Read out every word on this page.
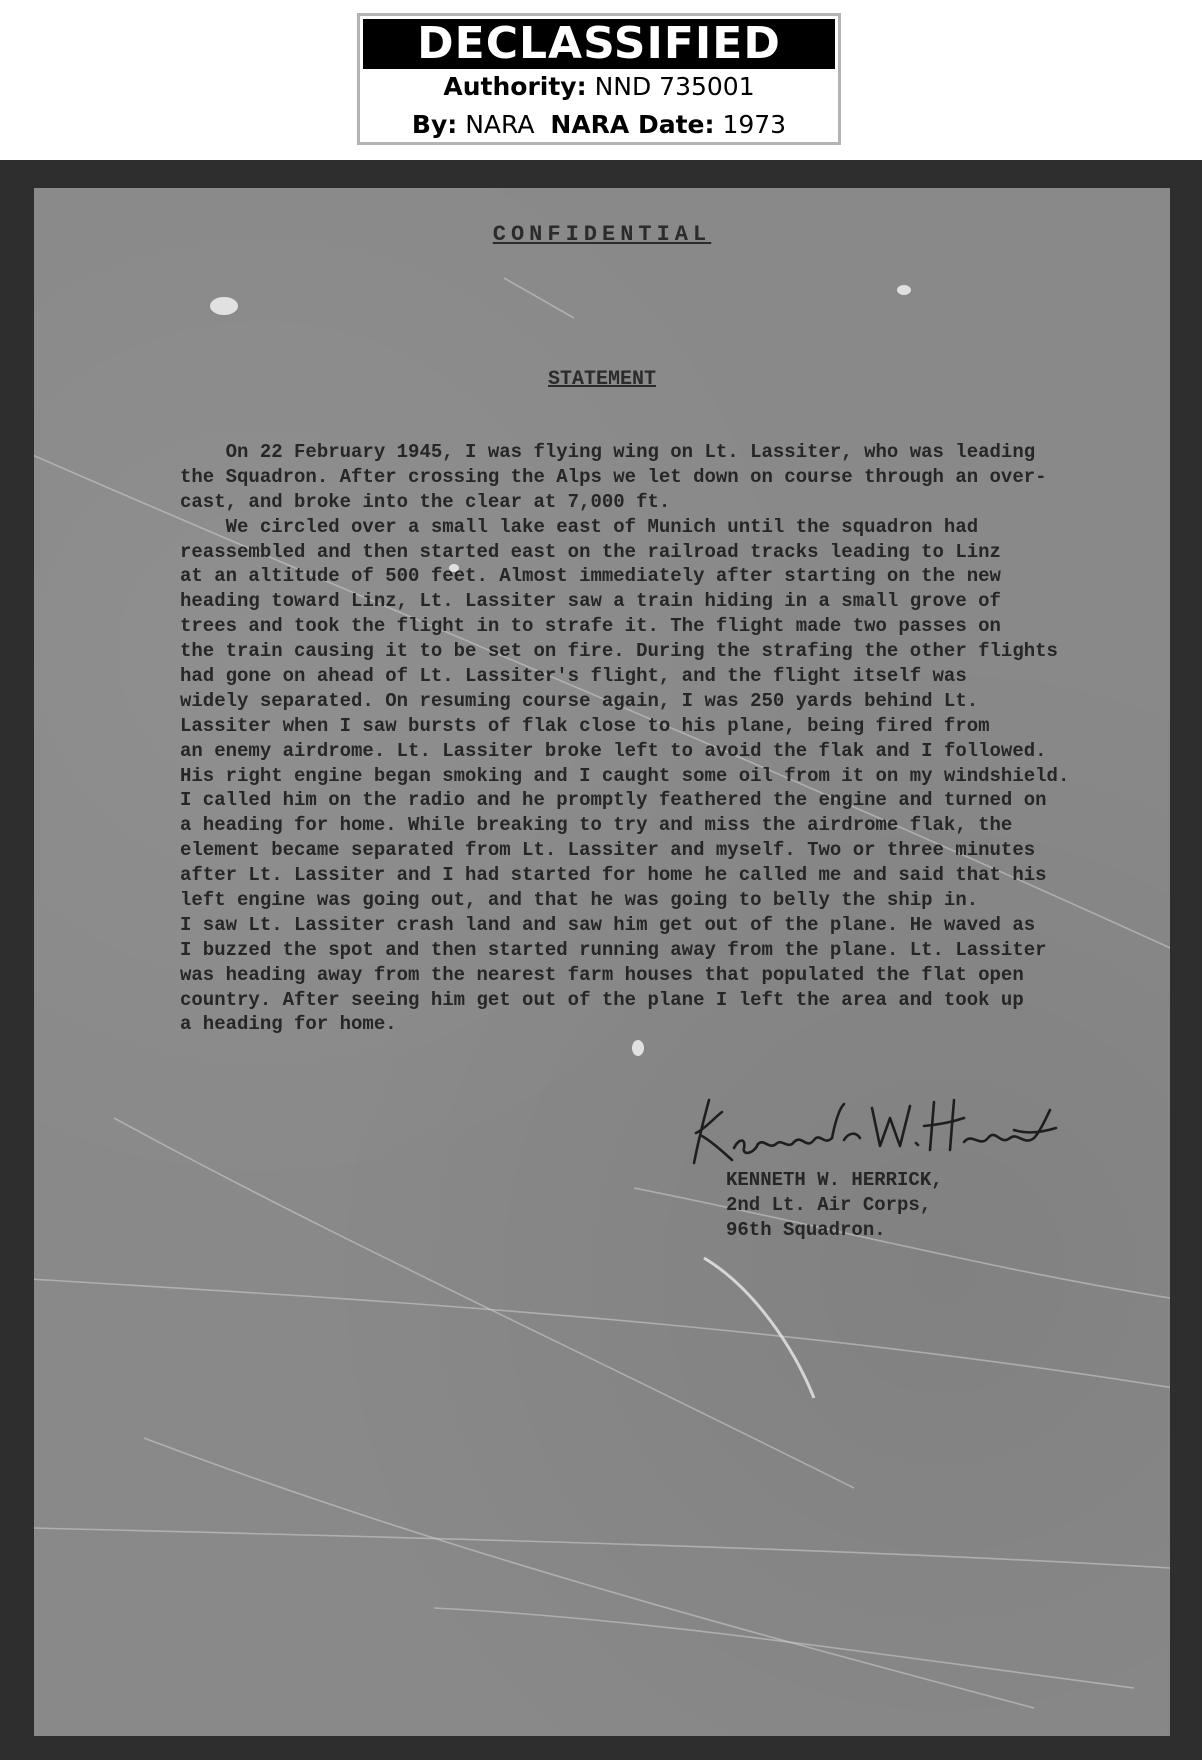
DECLASSIFIED
Authority: NND 735001
By: NARA NARA Date: 1973
CONFIDENTIAL
STATEMENT
On 22 February 1945, I was flying wing on Lt. Lassiter, who was leading
the Squadron. After crossing the Alps we let down on course through an over-
cast, and broke into the clear at 7,000 ft.
We circled over a small lake east of Munich until the squadron had
reassembled and then started east on the railroad tracks leading to Linz
at an altitude of 500 feet. Almost immediately after starting on the new
heading toward Linz, Lt. Lassiter saw a train hiding in a small grove of
trees and took the flight in to strafe it. The flight made two passes on
the train causing it to be set on fire. During the strafing the other flights
had gone on ahead of Lt. Lassiter's flight, and the flight itself was
widely separated. On resuming course again, I was 250 yards behind Lt.
Lassiter when I saw bursts of flak close to his plane, being fired from
an enemy airdrome. Lt. Lassiter broke left to avoid the flak and I followed.
His right engine began smoking and I caught some oil from it on my windshield.
I called him on the radio and he promptly feathered the engine and turned on
a heading for home. While breaking to try and miss the airdrome flak, the
element became separated from Lt. Lassiter and myself. Two or three minutes
after Lt. Lassiter and I had started for home he called me and said that his
left engine was going out, and that he was going to belly the ship in.
I saw Lt. Lassiter crash land and saw him get out of the plane. He waved as
I buzzed the spot and then started running away from the plane. Lt. Lassiter
was heading away from the nearest farm houses that populated the flat open
country. After seeing him get out of the plane I left the area and took up
a heading for home.
KENNETH W. HERRICK,
2nd Lt. Air Corps,
96th Squadron.
